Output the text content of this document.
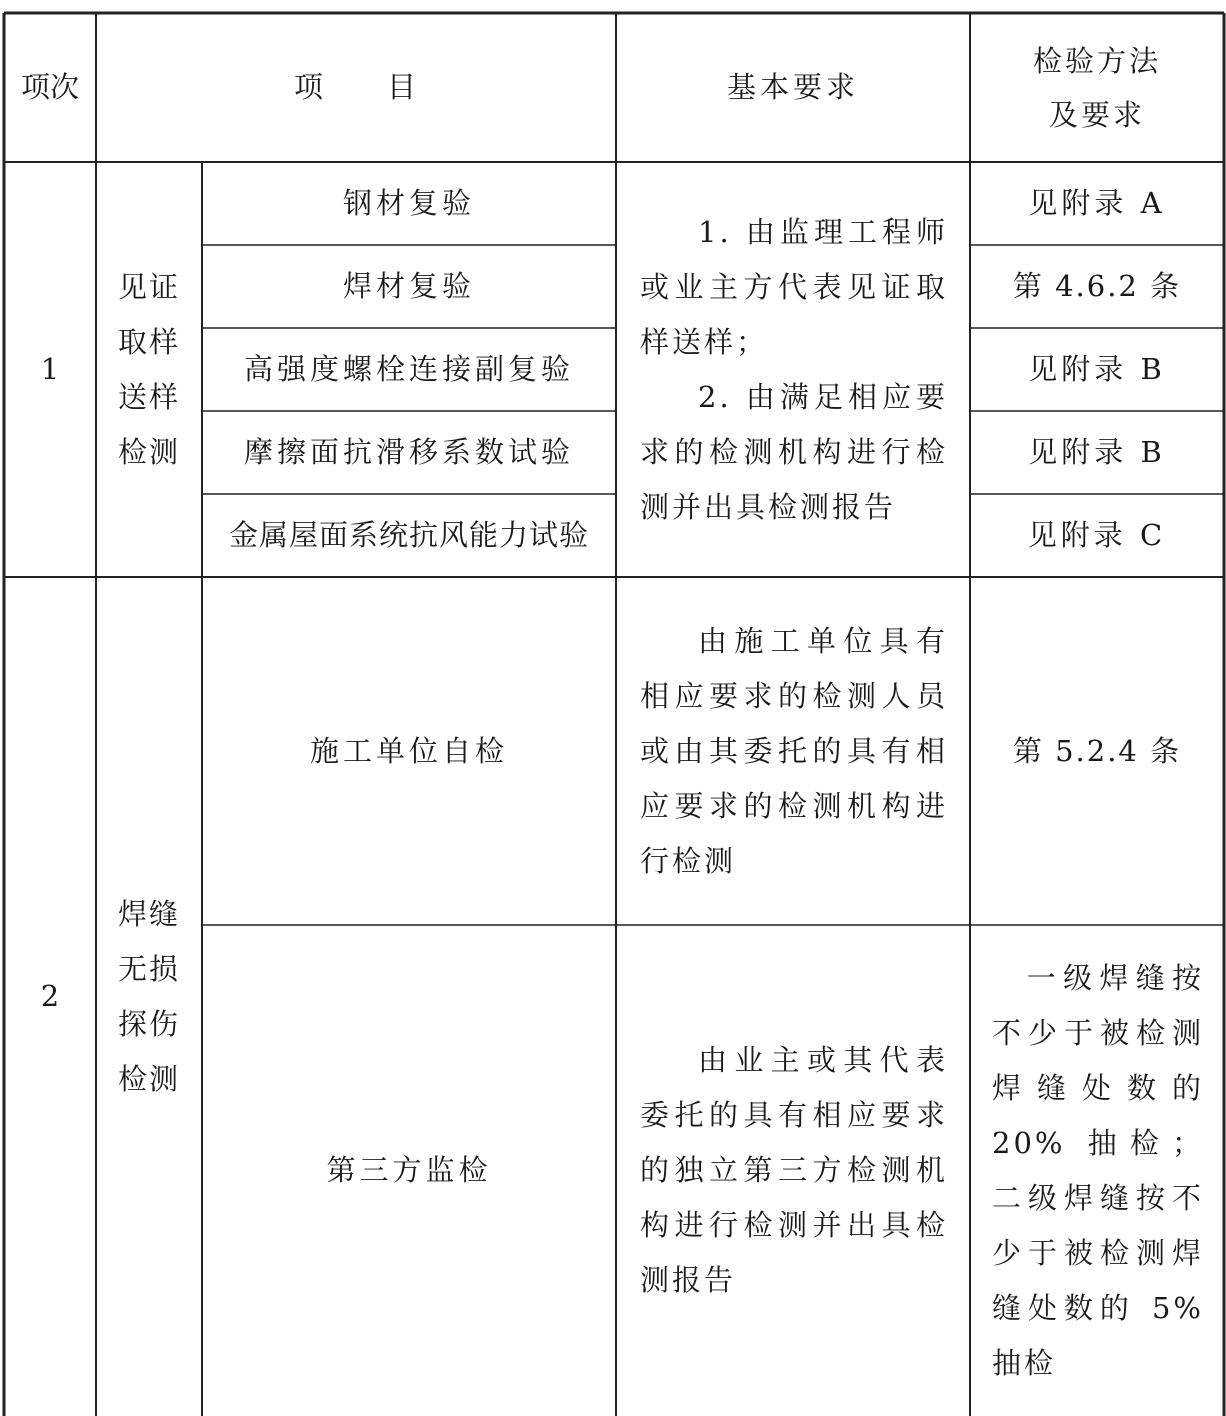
项次	项　　目	基本要求
检验方法
及要求
1
见证
取样
送样
检测
钢材复验
焊材复验
高强度螺栓连接副复验
摩擦面抗滑移系数试验
金属屋面系统抗风能力试验

1. 由监理工程师或业主方代表见证取样送样；

2. 由满足相应要求的检测机构进行检测并出具检测报告

见附录 A
第 4.6.2 条
见附录 B
见附录 B
见附录 C
2
焊缝
无损
探伤
检测
施工单位自检

由施工单位具有相应要求的检测人员或由其委托的具有相应要求的检测机构进行检测

第 5.2.4 条
第三方监检

由业主或其代表委托的具有相应要求的独立第三方检测机构进行检测并出具检测报告

一级焊缝按不少于被检测焊缝处数的 20% 抽检；二级焊缝按不少于被检测焊缝处数的 5% 抽检
